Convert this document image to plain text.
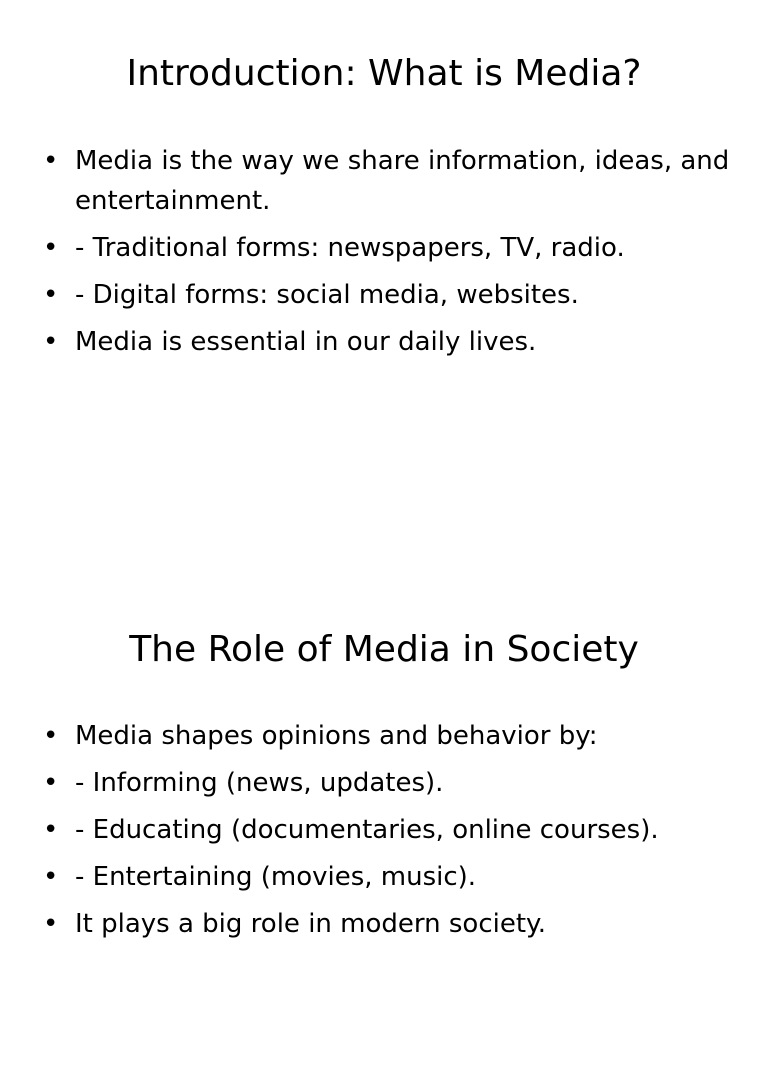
Introduction: What is Media?
• Media is the way we share information, ideas, and entertainment.
• - Traditional forms: newspapers, TV, radio.
• - Digital forms: social media, websites.
• Media is essential in our daily lives.
The Role of Media in Society
• Media shapes opinions and behavior by:
• - Informing (news, updates).
• - Educating (documentaries, online courses).
• - Entertaining (movies, music).
• It plays a big role in modern society.
